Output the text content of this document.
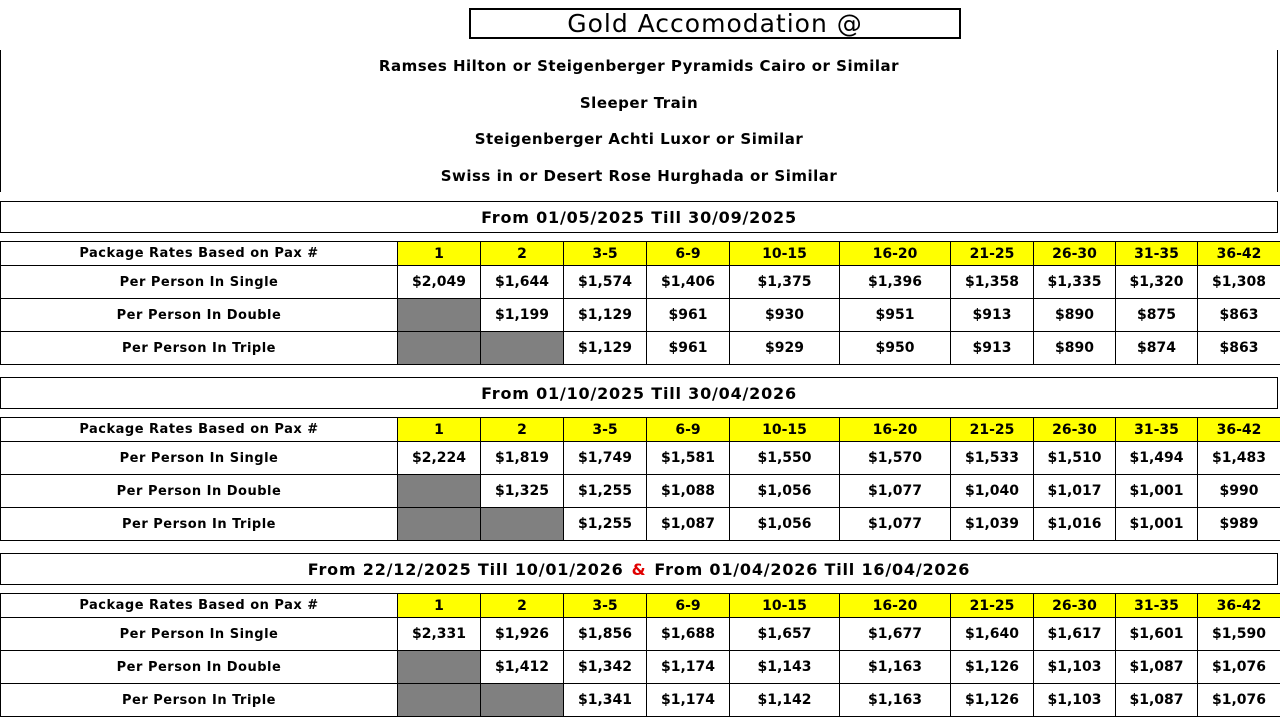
Gold Accomodation @
Ramses Hilton or Steigenberger Pyramids Cairo or Similar
Sleeper Train
Steigenberger Achti Luxor or Similar
Swiss in or Desert Rose Hurghada or Similar
From 01/05/2025 Till 30/09/2025
Package Rates Based on Pax #	1	2	3-5	6-9	10-15	16-20	21-25	26-30	31-35	36-42
Per Person In Single	$2,049	$1,644	$1,574	$1,406	$1,375	$1,396	$1,358	$1,335	$1,320	$1,308
Per Person In Double		$1,199	$1,129	$961	$930	$951	$913	$890	$875	$863
Per Person In Triple			$1,129	$961	$929	$950	$913	$890	$874	$863
From 01/10/2025 Till 30/04/2026
Package Rates Based on Pax #	1	2	3-5	6-9	10-15	16-20	21-25	26-30	31-35	36-42
Per Person In Single	$2,224	$1,819	$1,749	$1,581	$1,550	$1,570	$1,533	$1,510	$1,494	$1,483
Per Person In Double		$1,325	$1,255	$1,088	$1,056	$1,077	$1,040	$1,017	$1,001	$990
Per Person In Triple			$1,255	$1,087	$1,056	$1,077	$1,039	$1,016	$1,001	$989
From 22/12/2025 Till 10/01/2026 & From 01/04/2026 Till 16/04/2026
Package Rates Based on Pax #	1	2	3-5	6-9	10-15	16-20	21-25	26-30	31-35	36-42
Per Person In Single	$2,331	$1,926	$1,856	$1,688	$1,657	$1,677	$1,640	$1,617	$1,601	$1,590
Per Person In Double		$1,412	$1,342	$1,174	$1,143	$1,163	$1,126	$1,103	$1,087	$1,076
Per Person In Triple			$1,341	$1,174	$1,142	$1,163	$1,126	$1,103	$1,087	$1,076
